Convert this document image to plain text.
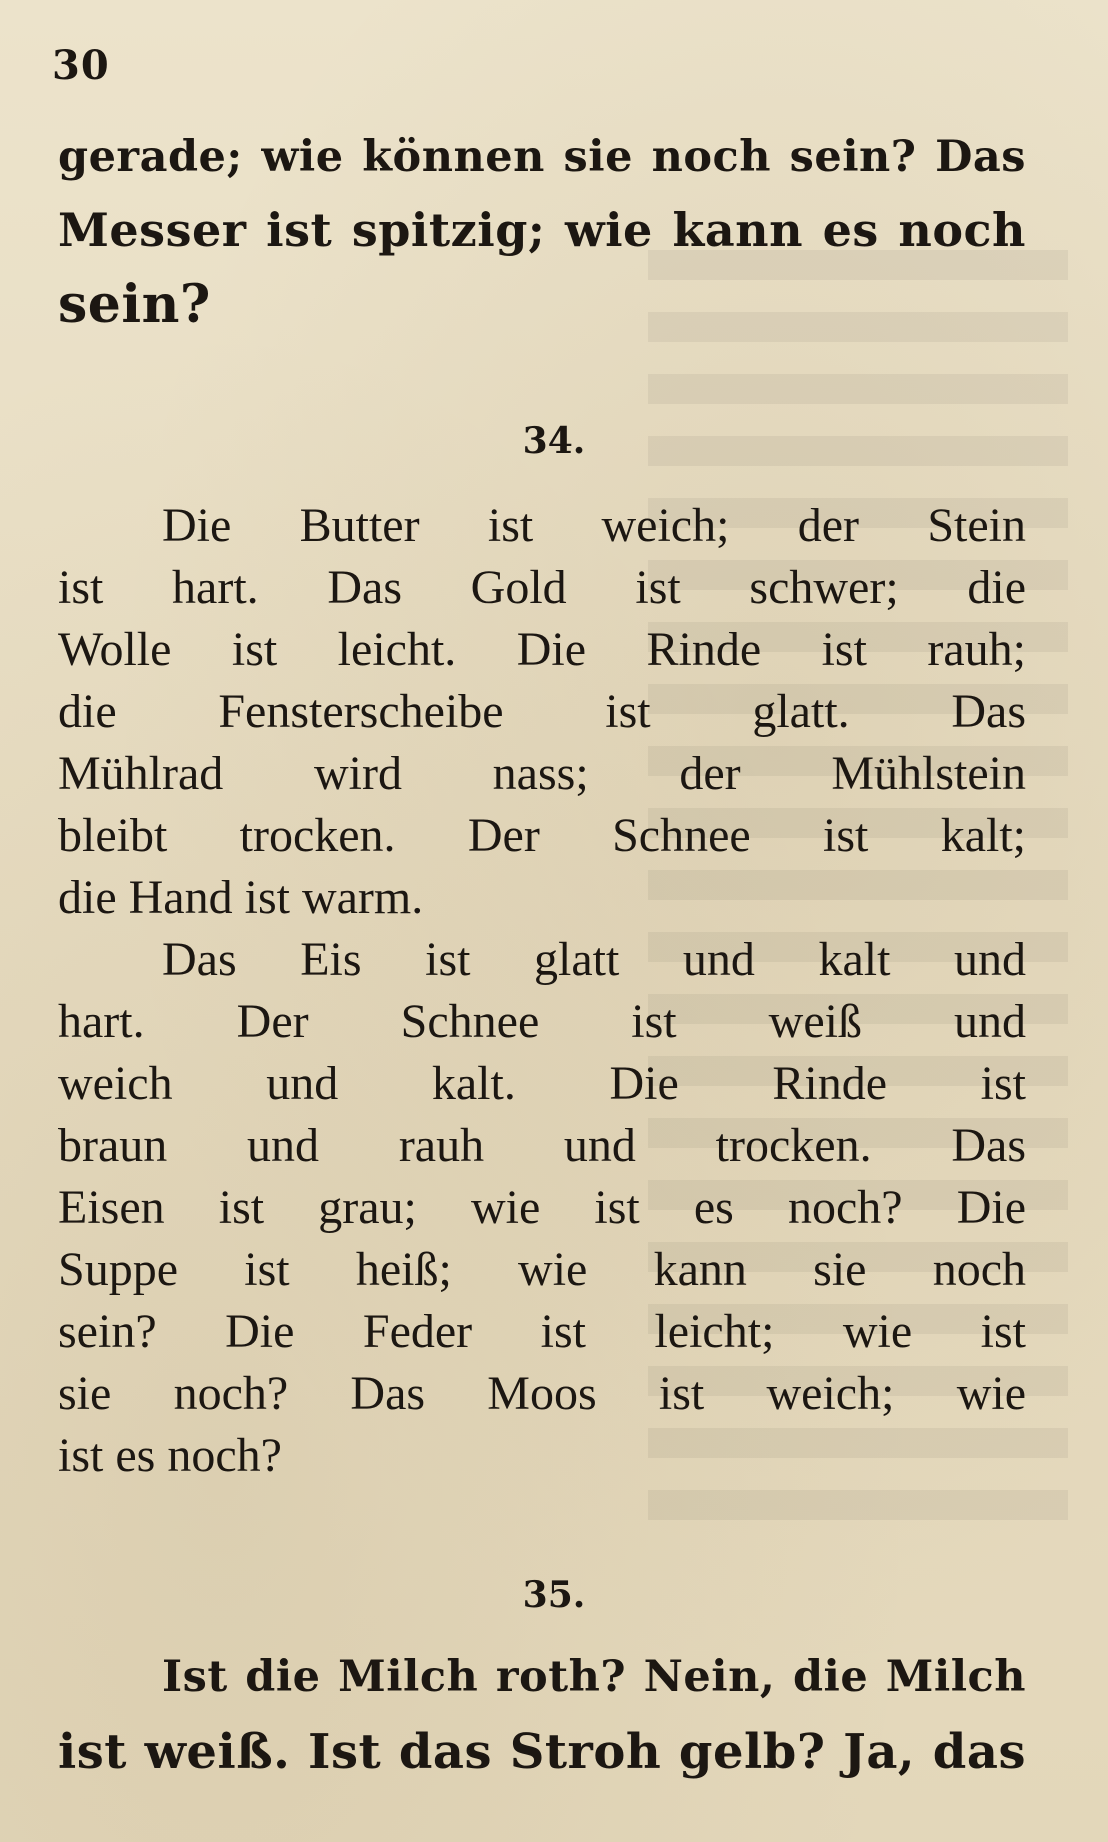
30
gerade; wie können sie noch sein? Das
Messer ist spitzig; wie kann es noch
sein?
34.
Die Butter ist weich; der Stein
ist hart. Das Gold ist schwer; die
Wolle ist leicht. Die Rinde ist rauh;
die Fensterscheibe ist glatt. Das
Mühlrad wird nass; der Mühlstein
bleibt trocken. Der Schnee ist kalt;
die Hand ist warm.
Das Eis ist glatt und kalt und
hart. Der Schnee ist weiß und
weich und kalt. Die Rinde ist
braun und rauh und trocken. Das
Eisen ist grau; wie ist es noch? Die
Suppe ist heiß; wie kann sie noch
sein? Die Feder ist leicht; wie ist
sie noch? Das Moos ist weich; wie
ist es noch?
35.
Ist die Milch roth? Nein, die Milch
ist weiß. Ist das Stroh gelb? Ja, das
